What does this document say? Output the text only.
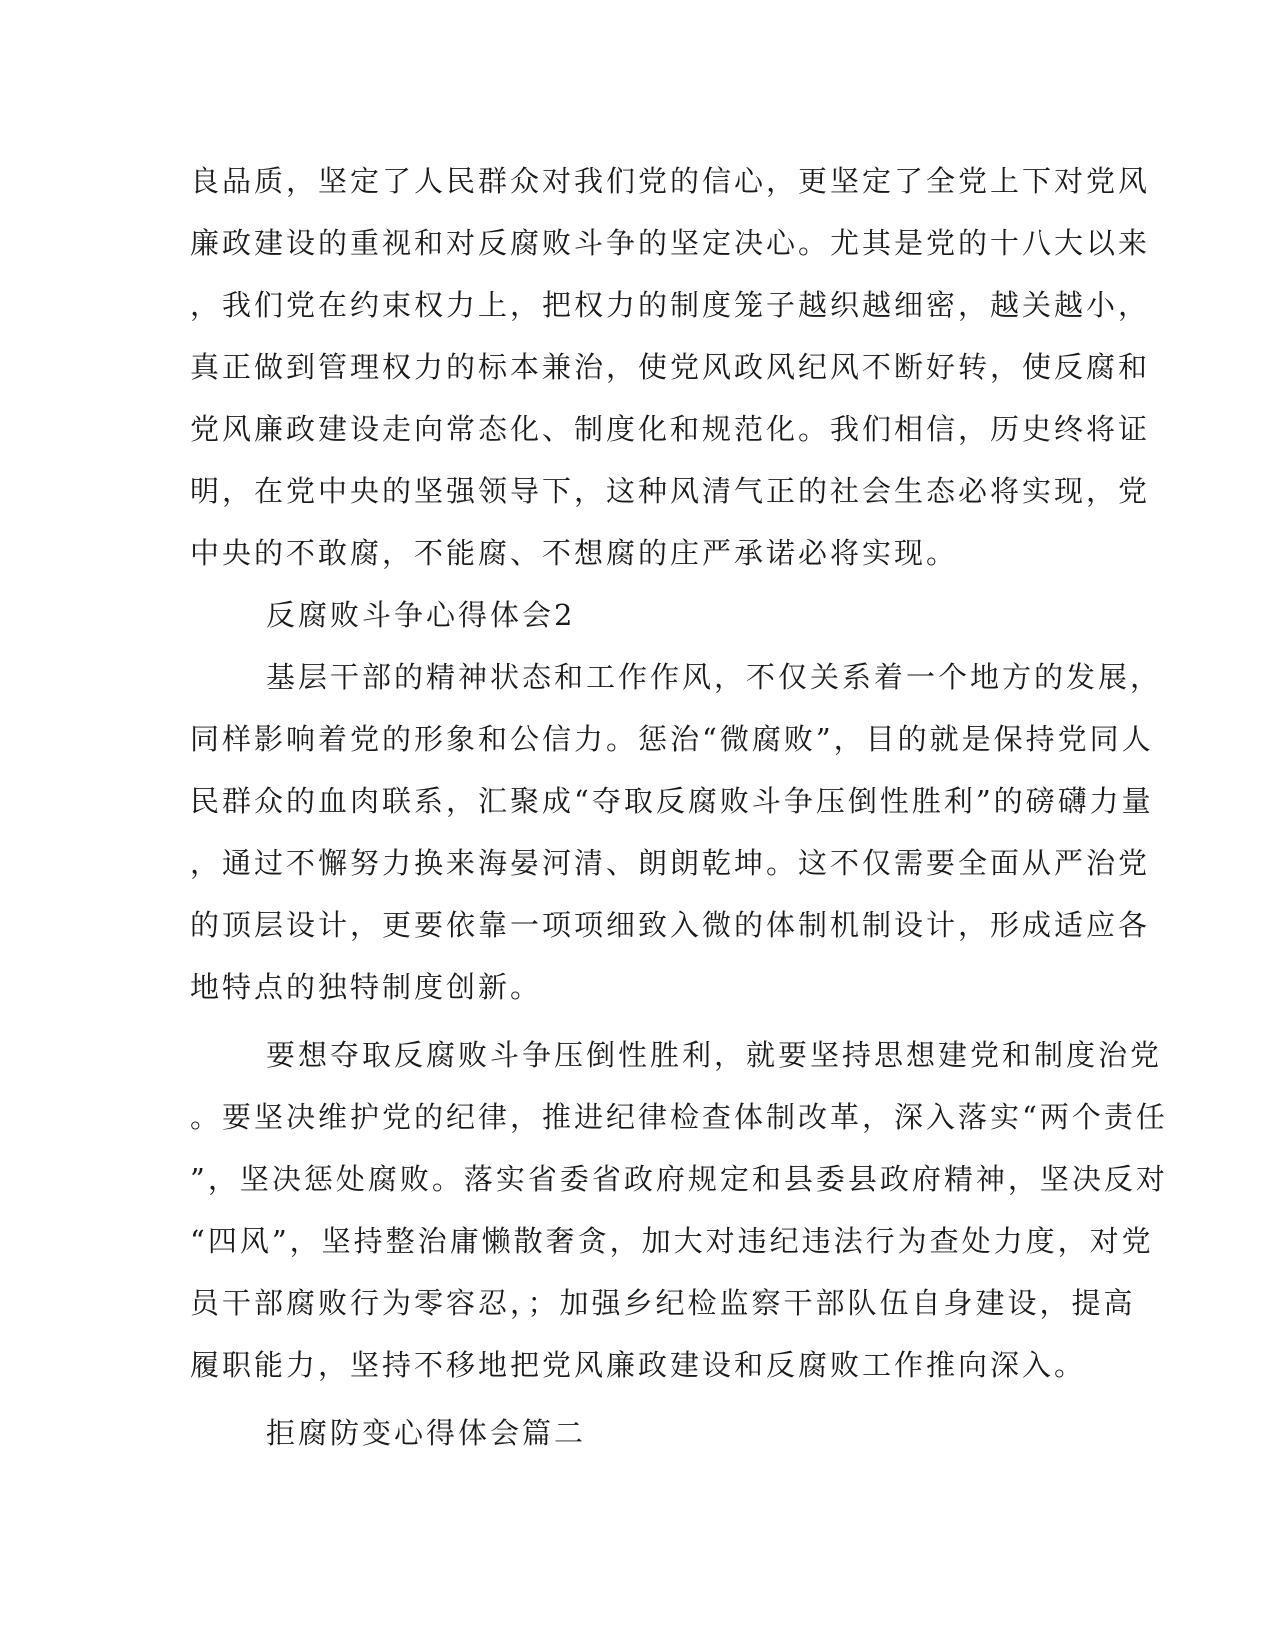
良品质，坚定了人民群众对我们党的信心，更坚定了全党上下对党风
廉政建设的重视和对反腐败斗争的坚定决心。尤其是党的十八大以来
，我们党在约束权力上，把权力的制度笼子越织越细密，越关越小，
真正做到管理权力的标本兼治，使党风政风纪风不断好转，使反腐和
党风廉政建设走向常态化、制度化和规范化。我们相信，历史终将证
明，在党中央的坚强领导下，这种风清气正的社会生态必将实现，党
中央的不敢腐，不能腐、不想腐的庄严承诺必将实现。
反腐败斗争心得体会2
基层干部的精神状态和工作作风，不仅关系着一个地方的发展，
同样影响着党的形象和公信力。惩治“微腐败”，目的就是保持党同人
民群众的血肉联系，汇聚成“夺取反腐败斗争压倒性胜利”的磅礴力量
，通过不懈努力换来海晏河清、朗朗乾坤。这不仅需要全面从严治党
的顶层设计，更要依靠一项项细致入微的体制机制设计，形成适应各
地特点的独特制度创新。
要想夺取反腐败斗争压倒性胜利，就要坚持思想建党和制度治党
。要坚决维护党的纪律，推进纪律检查体制改革，深入落实“两个责任
”，坚决惩处腐败。落实省委省政府规定和县委县政府精神，坚决反对
“四风”，坚持整治庸懒散奢贪，加大对违纪违法行为查处力度，对党
员干部腐败行为零容忍，；加强乡纪检监察干部队伍自身建设，提高
履职能力，坚持不移地把党风廉政建设和反腐败工作推向深入。
拒腐防变心得体会篇二
